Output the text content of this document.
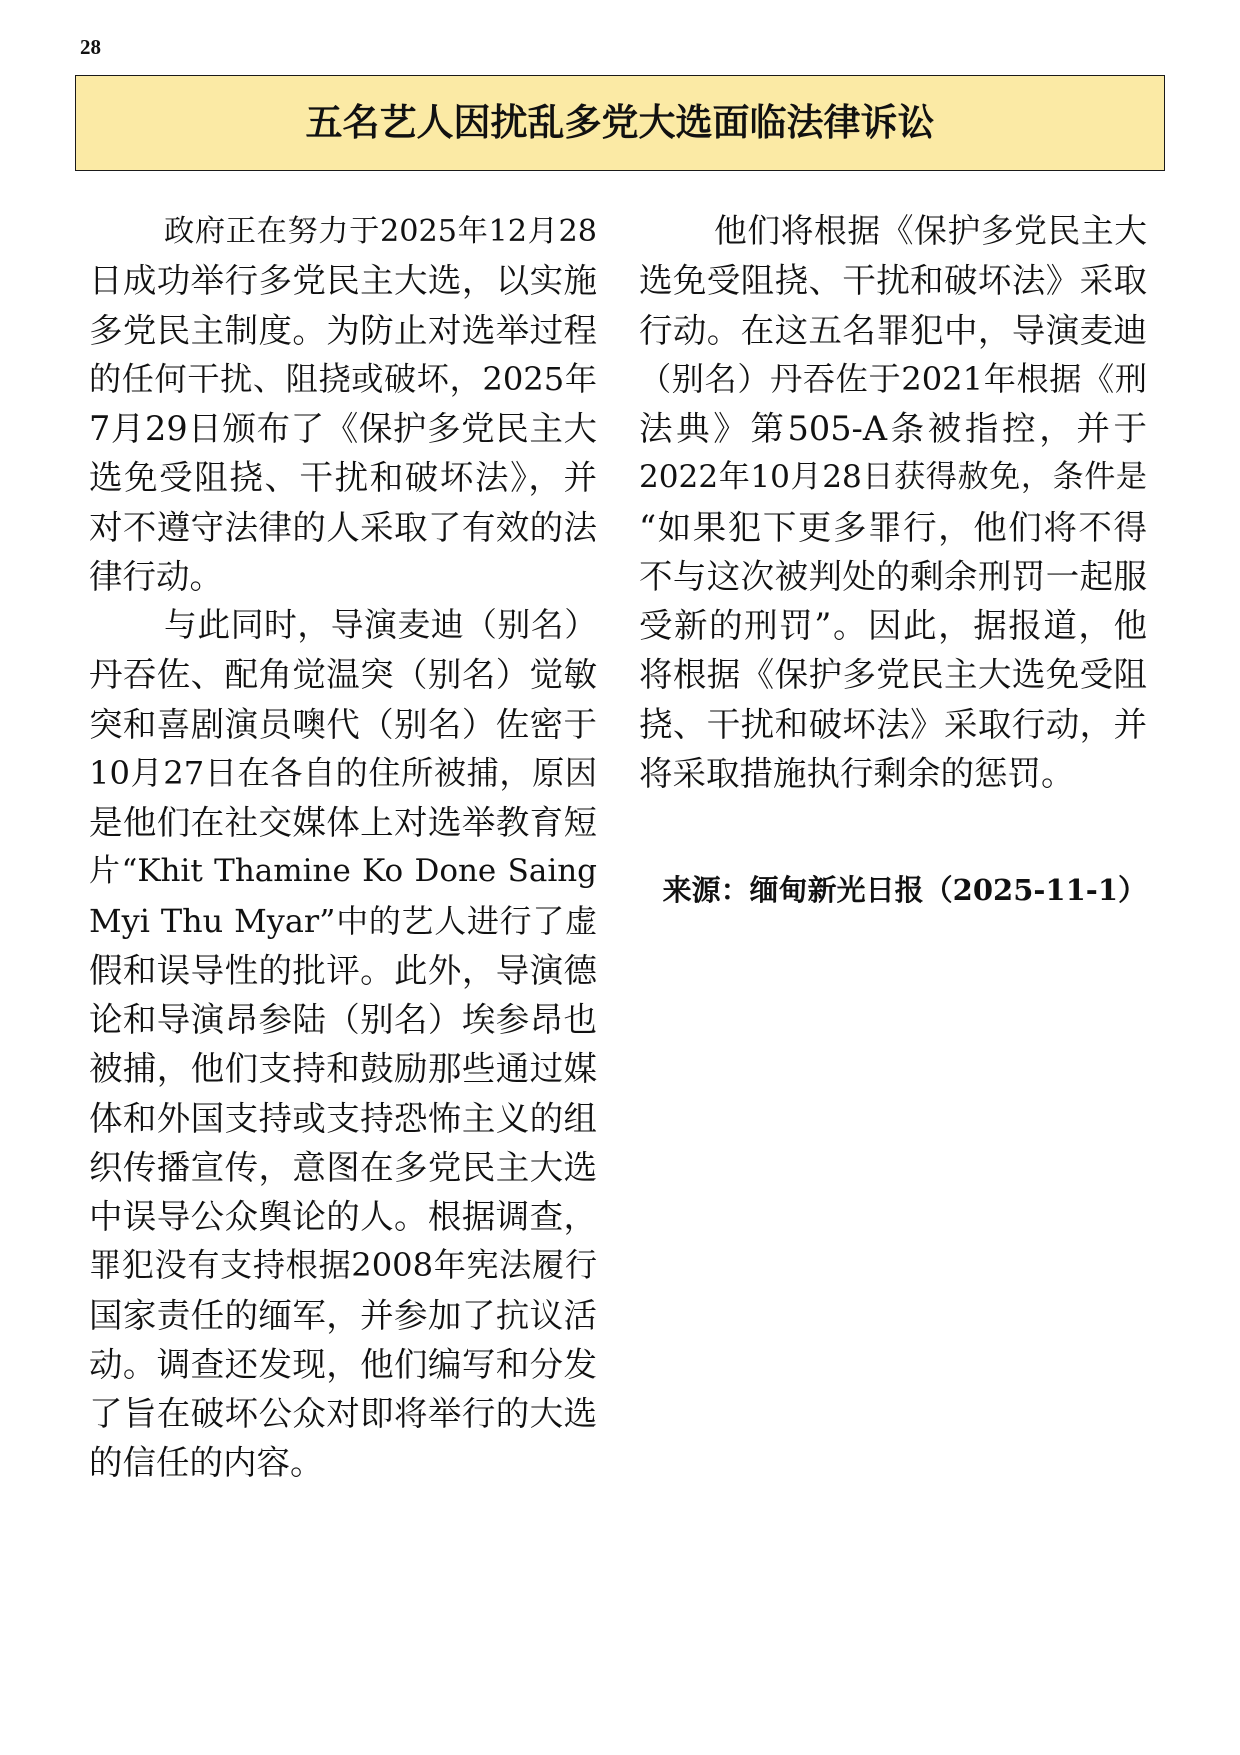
28
五名艺人因扰乱多党大选面临法律诉讼
政府正在努力于2025年12月28
日成功举行多党民主大选，以实施
多党民主制度。为防止对选举过程
的任何干扰、阻挠或破坏，2025年
7月29日颁布了《保护多党民主大
选免受阻挠、干扰和破坏法》，并
对不遵守法律的人采取了有效的法
律行动。
与此同时，导演麦迪（别名）
丹吞佐、配角觉温突（别名）觉敏
突和喜剧演员噢代（别名）佐密于
10月27日在各自的住所被捕，原因
是他们在社交媒体上对选举教育短
片“Khit Thamine Ko Done Saing
Myi Thu Myar”中的艺人进行了虚
假和误导性的批评。此外，导演德
论和导演昂参陆（别名）埃参昂也
被捕，他们支持和鼓励那些通过媒
体和外国支持或支持恐怖主义的组
织传播宣传，意图在多党民主大选
中误导公众舆论的人。根据调查，
罪犯没有支持根据2008年宪法履行
国家责任的缅军，并参加了抗议活
动。调查还发现，他们编写和分发
了旨在破坏公众对即将举行的大选
的信任的内容。
他们将根据《保护多党民主大
选免受阻挠、干扰和破坏法》采取
行动。在这五名罪犯中，导演麦迪
（别名）丹吞佐于2021年根据《刑
法典》第505-A条被指控，并于
2022年10月28日获得赦免，条件是
“如果犯下更多罪行，他们将不得
不与这次被判处的剩余刑罚一起服
受新的刑罚”。因此，据报道，他
将根据《保护多党民主大选免受阻
挠、干扰和破坏法》采取行动，并
将采取措施执行剩余的惩罚。
来源：缅甸新光日报（2025-11-1）
